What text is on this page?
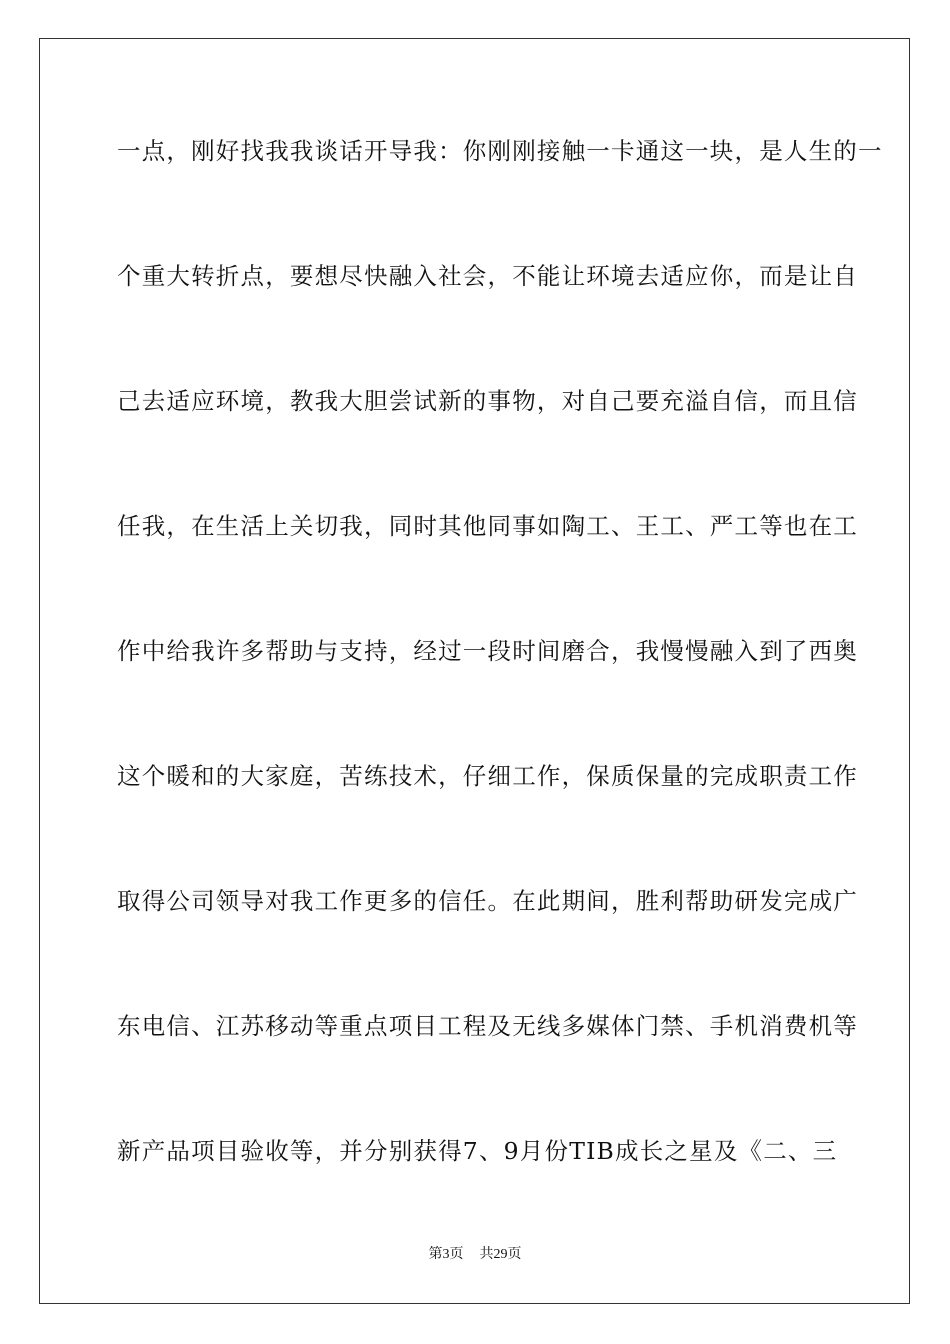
一点，刚好找我我谈话开导我：你刚刚接触一卡通这一块，是人生的一
个重大转折点，要想尽快融入社会，不能让环境去适应你，而是让自
己去适应环境，教我大胆尝试新的事物，对自己要充溢自信，而且信
任我，在生活上关切我，同时其他同事如陶工、王工、严工等也在工
作中给我许多帮助与支持，经过一段时间磨合，我慢慢融入到了西奥
这个暖和的大家庭，苦练技术，仔细工作，保质保量的完成职责工作
取得公司领导对我工作更多的信任。在此期间，胜利帮助研发完成广
东电信、江苏移动等重点项目工程及无线多媒体门禁、手机消费机等
新产品项目验收等，并分别获得7、9月份TIB成长之星及《二、三
第3页 共29页
